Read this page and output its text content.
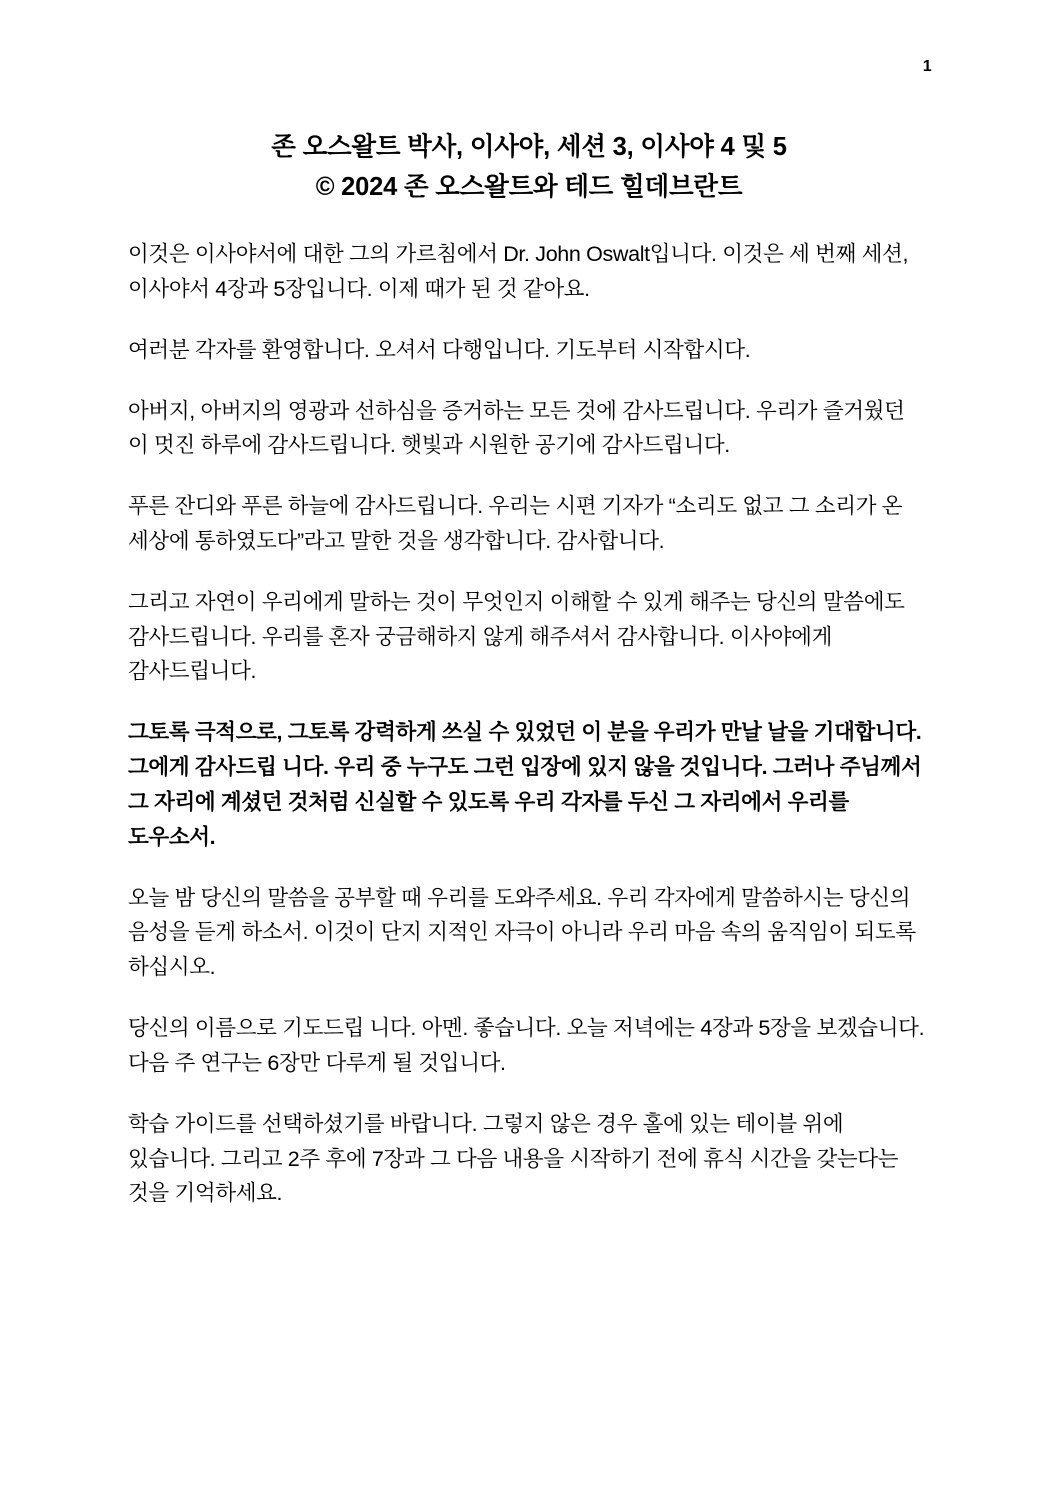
1
존 오스왈트 박사, 이사야, 세션 3, 이사야 4 및 5
© 2024 존 오스왈트와 테드 힐데브란트

이것은 이사야서에 대한 그의 가르침에서 Dr. John Oswalt입니다. 이것은 세 번째 세션, 이사야서 4장과 5장입니다. 이제 때가 된 것 같아요.

여러분 각자를 환영합니다. 오셔서 다행입니다. 기도부터 시작합시다.

아버지, 아버지의 영광과 선하심을 증거하는 모든 것에 감사드립니다. 우리가 즐거웠던 이 멋진 하루에 감사드립니다. 햇빛과 시원한 공기에 감사드립니다.

푸른 잔디와 푸른 하늘에 감사드립니다. 우리는 시편 기자가 “소리도 없고 그 소리가 온 세상에 통하였도다”라고 말한 것을 생각합니다. 감사합니다.

그리고 자연이 우리에게 말하는 것이 무엇인지 이해할 수 있게 해주는 당신의 말씀에도 감사드립니다. 우리를 혼자 궁금해하지 않게 해주셔서 감사합니다. 이사야에게 감사드립니다.

그토록 극적으로, 그토록 강력하게 쓰실 수 있었던 이 분을 우리가 만날 날을 기대합니다. 그에게 감사드립 니다. 우리 중 누구도 그런 입장에 있지 않을 것입니다. 그러나 주님께서 그 자리에 계셨던 것처럼 신실할 수 있도록 우리 각자를 두신 그 자리에서 우리를 도우소서.

오늘 밤 당신의 말씀을 공부할 때 우리를 도와주세요. 우리 각자에게 말씀하시는 당신의 음성을 듣게 하소서. 이것이 단지 지적인 자극이 아니라 우리 마음 속의 움직임이 되도록 하십시오.

당신의 이름으로 기도드립 니다. 아멘. 좋습니다. 오늘 저녁에는 4장과 5장을 보겠습니다. 다음 주 연구는 6장만 다루게 될 것입니다.

학습 가이드를 선택하셨기를 바랍니다. 그렇지 않은 경우 홀에 있는 테이블 위에 있습니다. 그리고 2주 후에 7장과 그 다음 내용을 시작하기 전에 휴식 시간을 갖는다는 것을 기억하세요.
